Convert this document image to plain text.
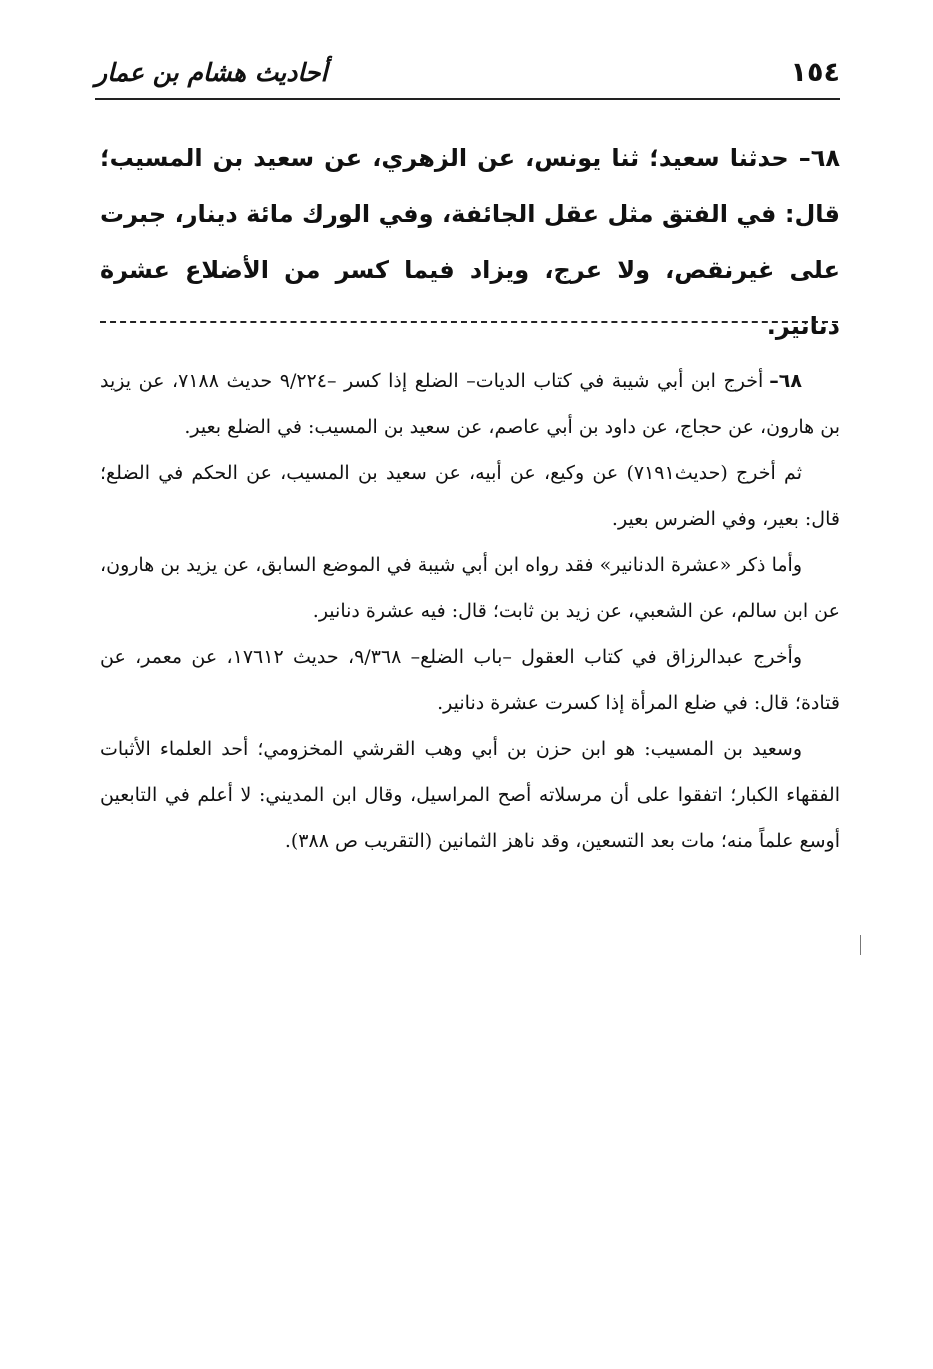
١٥٤
أحاديث هشام بن عمار
٦٨–حدثنا سعيد؛ ثنا يونس، عن الزهري، عن سعيد بن المسيب؛ قال: في الفتق مثل عقل الجائفة، وفي الورك مائة دينار، جبرت على غيرنقص، ولا عرج، ويزاد فيما كسر من الأضلاع عشرة دنانير.

٦٨–أخرج ابن أبي شيبة في كتاب الديات– الضلع إذا كسر –٩/٢٢٤ حديث ٧١٨٨، عن يزيد بن هارون، عن حجاج، عن داود بن أبي عاصم، عن سعيد بن المسيب: في الضلع بعير.

ثم أخرج (حديث٧١٩١) عن وكيع، عن أبيه، عن سعيد بن المسيب، عن الحكم في الضلع؛ قال: بعير، وفي الضرس بعير.

وأما ذكر «عشرة الدنانير» فقد رواه ابن أبي شيبة في الموضع السابق، عن يزيد بن هارون، عن ابن سالم، عن الشعبي، عن زيد بن ثابت؛ قال: فيه عشرة دنانير.

وأخرج عبدالرزاق في كتاب العقول –باب الضلع– ٩/٣٦٨، حديث ١٧٦١٢، عن معمر، عن قتادة؛ قال: في ضلع المرأة إذا كسرت عشرة دنانير.

وسعيد بن المسيب: هو ابن حزن بن أبي وهب القرشي المخزومي؛ أحد العلماء الأثبات الفقهاء الكبار؛ اتفقوا على أن مرسلاته أصح المراسيل، وقال ابن المديني: لا أعلم في التابعين أوسع علماً منه؛ مات بعد التسعين، وقد ناهز الثمانين (التقريب ص ٣٨٨).
